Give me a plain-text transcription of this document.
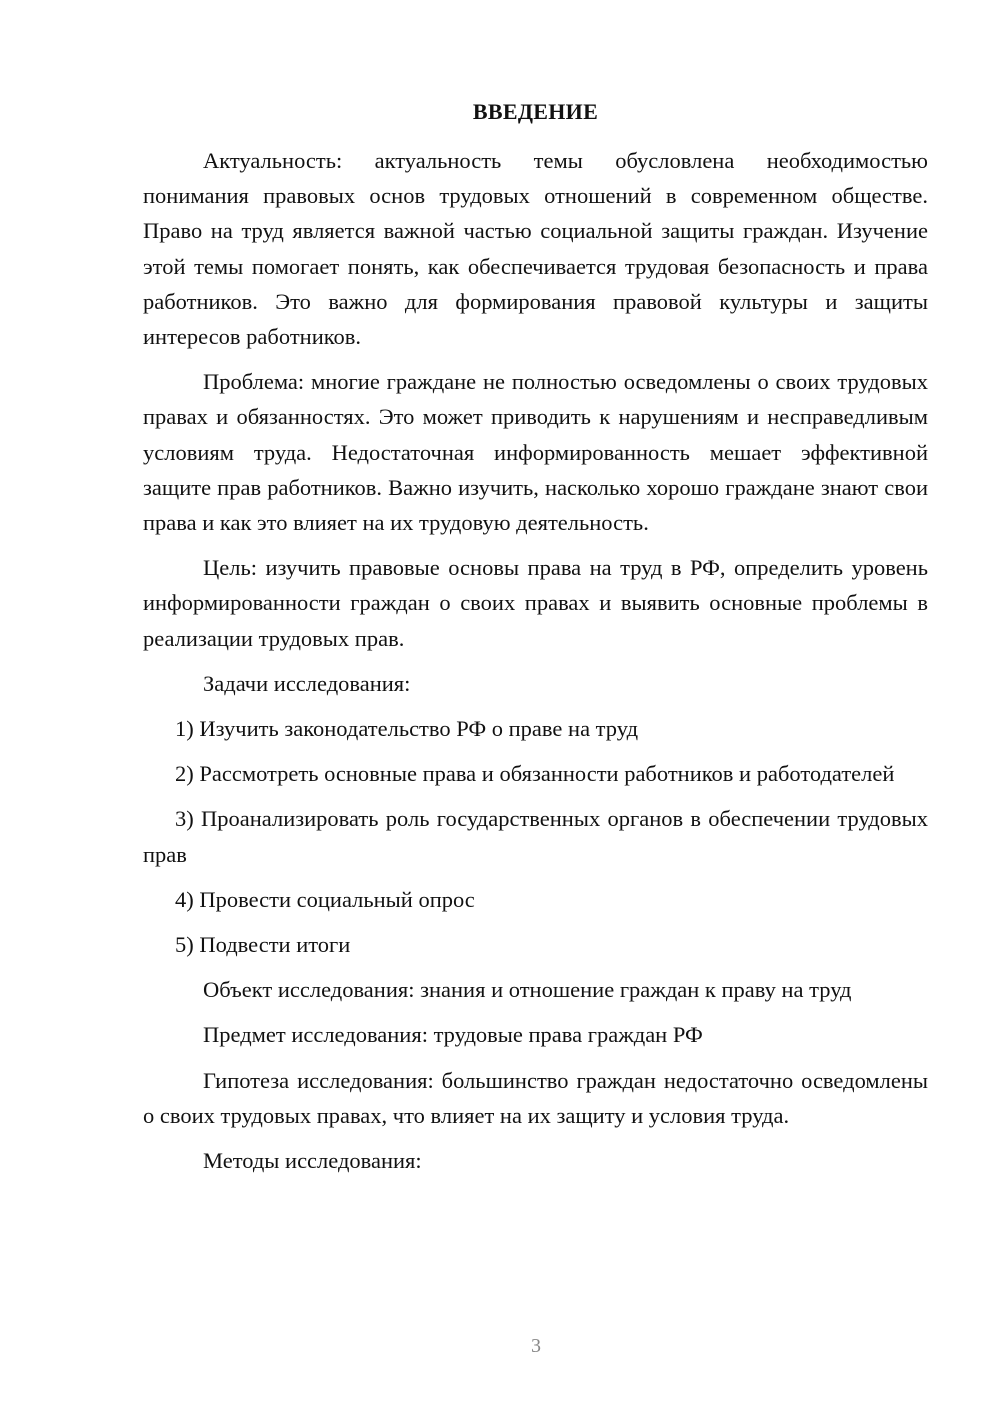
ВВЕДЕНИЕ

Актуальность: актуальность темы обусловлена необходимостью понимания правовых основ трудовых отношений в современном обществе. Право на труд является важной частью социальной защиты граждан. Изучение этой темы помогает понять, как обеспечивается трудовая безопасность и права работников. Это важно для формирования правовой культуры и защиты интересов работников.

Проблема: многие граждане не полностью осведомлены о своих трудовых правах и обязанностях. Это может приводить к нарушениям и несправедливым условиям труда. Недостаточная информированность мешает эффективной защите прав работников. Важно изучить, насколько хорошо граждане знают свои права и как это влияет на их трудовую деятельность.

Цель: изучить правовые основы права на труд в РФ, определить уровень информированности граждан о своих правах и выявить основные проблемы в реализации трудовых прав.

Задачи исследования:

1) Изучить законодательство РФ о праве на труд

2) Рассмотреть основные права и обязанности работников и работодателей

3) Проанализировать роль государственных органов в обеспечении трудовых прав

4) Провести социальный опрос

5) Подвести итоги

Объект исследования: знания и отношение граждан к праву на труд

Предмет исследования: трудовые права граждан РФ

Гипотеза исследования: большинство граждан недостаточно осведомлены о своих трудовых правах, что влияет на их защиту и условия труда.

Методы исследования:

3
